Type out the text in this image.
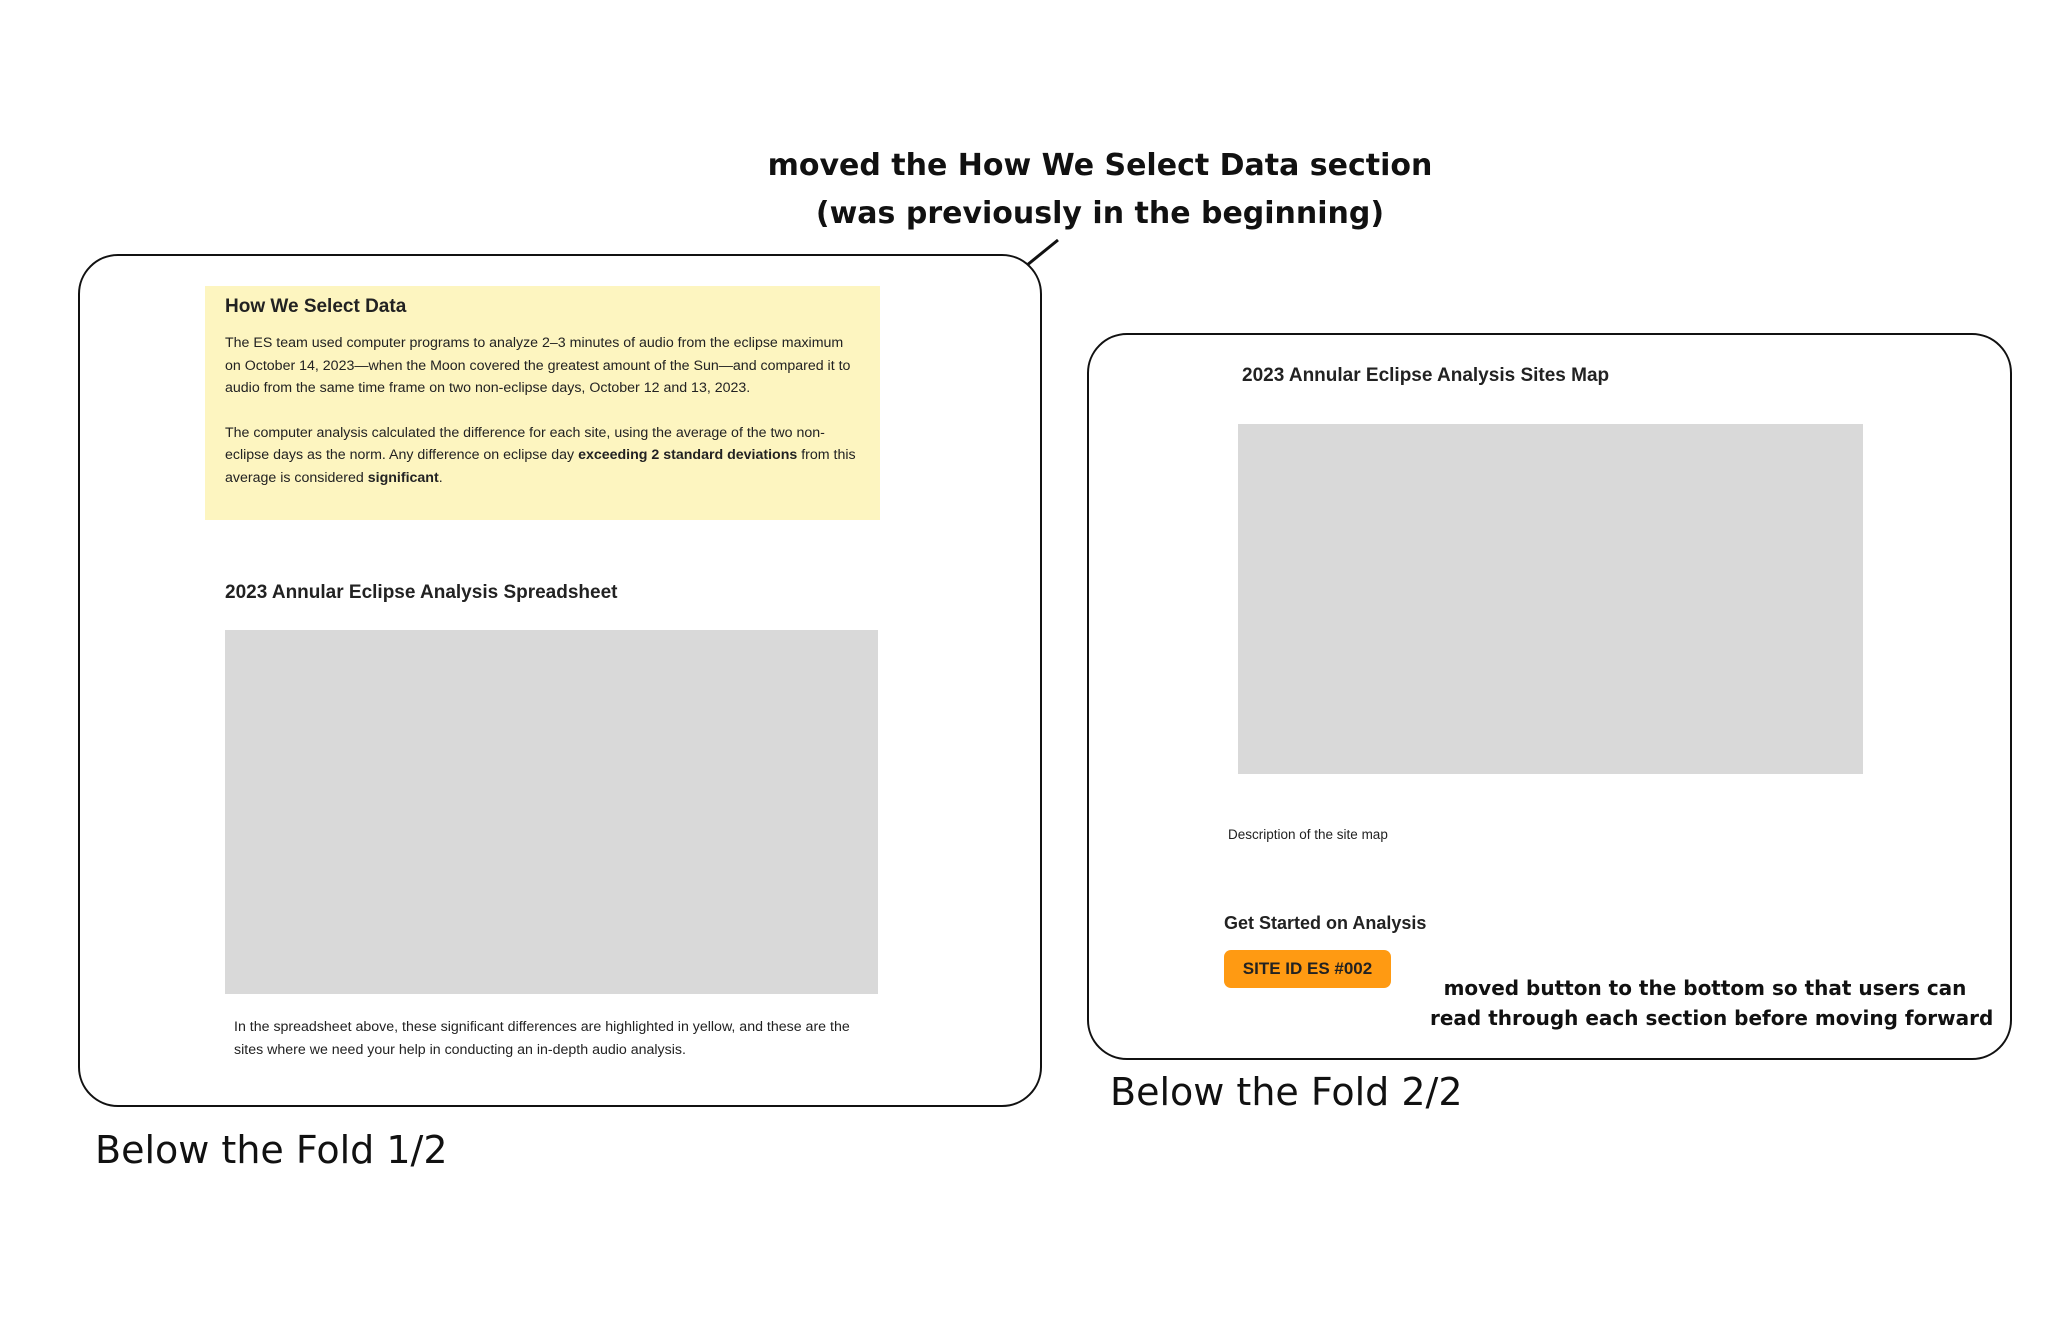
moved the How We Select Data section
(was previously in the beginning)
How We Select Data

The ES team used computer programs to analyze 2–3 minutes of audio from the eclipse maximum on October 14, 2023—when the Moon covered the greatest amount of the Sun—and compared it to audio from the same time frame on two non-eclipse days, October 12 and 13, 2023.

The computer analysis calculated the difference for each site, using the average of the two non-eclipse days as the norm. Any difference on eclipse day exceeding 2 standard deviations from this average is considered significant.

2023 Annular Eclipse Analysis Spreadsheet
In the spreadsheet above, these significant differences are highlighted in yellow, and these are the sites where we need your help in conducting an in-depth audio analysis.
Below the Fold 1/2
2023 Annular Eclipse Analysis Sites Map
Description of the site map
Get Started on Analysis
SITE ID ES #002
Below the Fold 2/2
moved button to the bottom so that users can
read through each section before moving forward
